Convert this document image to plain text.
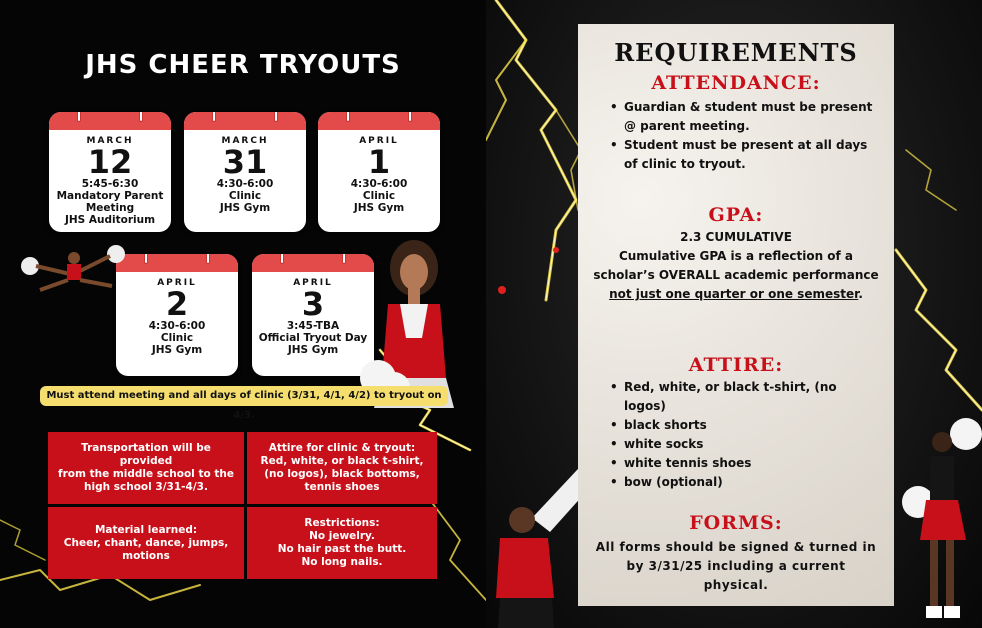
JHS CHEER TRYOUTS
MARCH
12
5:45-6:30
Mandatory Parent
Meeting
JHS Auditorium
MARCH
31
4:30-6:00
Clinic
JHS Gym
APRIL
1
4:30-6:00
Clinic
JHS Gym
APRIL
2
4:30-6:00
Clinic
JHS Gym
APRIL
3
3:45-TBA
Official Tryout Day
JHS Gym
Must attend meeting and all days of clinic (3/31, 4/1, 4/2) to tryout on 4/3.
Transportation will be provided
from the middle school to the
high school 3/31-4/3.
Attire for clinic & tryout:
Red, white, or black t-shirt,
(no logos), black bottoms,
tennis shoes
Material learned:
Cheer, chant, dance, jumps,
motions
Restrictions:
No jewelry.
No hair past the butt.
No long nails.
REQUIREMENTS
ATTENDANCE:
• Guardian & student must be present @ parent meeting.
• Student must be present at all days of clinic to tryout.
GPA:
2.3 CUMULATIVE
Cumulative GPA is a reflection of a scholar’s OVERALL academic performance not just one quarter or one semester.
ATTIRE:
• Red, white, or black t-shirt, (no logos)
• black shorts
• white socks
• white tennis shoes
• bow (optional)
FORMS:
All forms should be signed & turned in by 3/31/25 including a current physical.
